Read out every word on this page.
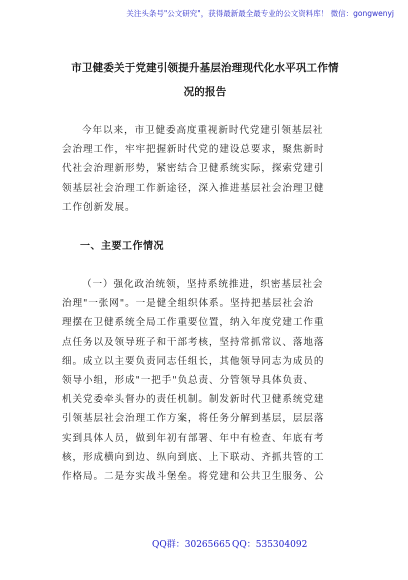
关注头条号"公文研究"，获得最新最全最专业的公文资料库！ 微信：gongwenyj
市卫健委关于党建引领提升基层治理现代化水平巩工作情
况的报告
今年以来，市卫健委高度重视新时代党建引领基层社
会治理工作，牢牢把握新时代党的建设总要求，聚焦新时
代社会治理新形势，紧密结合卫健系统实际，探索党建引
领基层社会治理工作新途径，深入推进基层社会治理卫健
工作创新发展。
一、主要工作情况
（一）强化政治统领，坚持系统推进，织密基层社会
治理"一张网"。一是健全组织体系。坚持把基层社会治
理摆在卫健系统全局工作重要位置，纳入年度党建工作重
点任务以及领导班子和干部考核，坚持常抓常议、落地落
细。成立以主要负责同志任组长，其他领导同志为成员的
领导小组，形成"一把手"负总责、分管领导具体负责、
机关党委牵头督办的责任机制。制发新时代卫健系统党建
引领基层社会治理工作方案，将任务分解到基层，层层落
实到具体人员，做到年初有部署、年中有检查、年底有考
核，形成横向到边、纵向到底、上下联动、齐抓共管的工
作格局。二是夯实战斗堡垒。将党建和公共卫生服务、公
QQ群：30265665 QQ：535304092
